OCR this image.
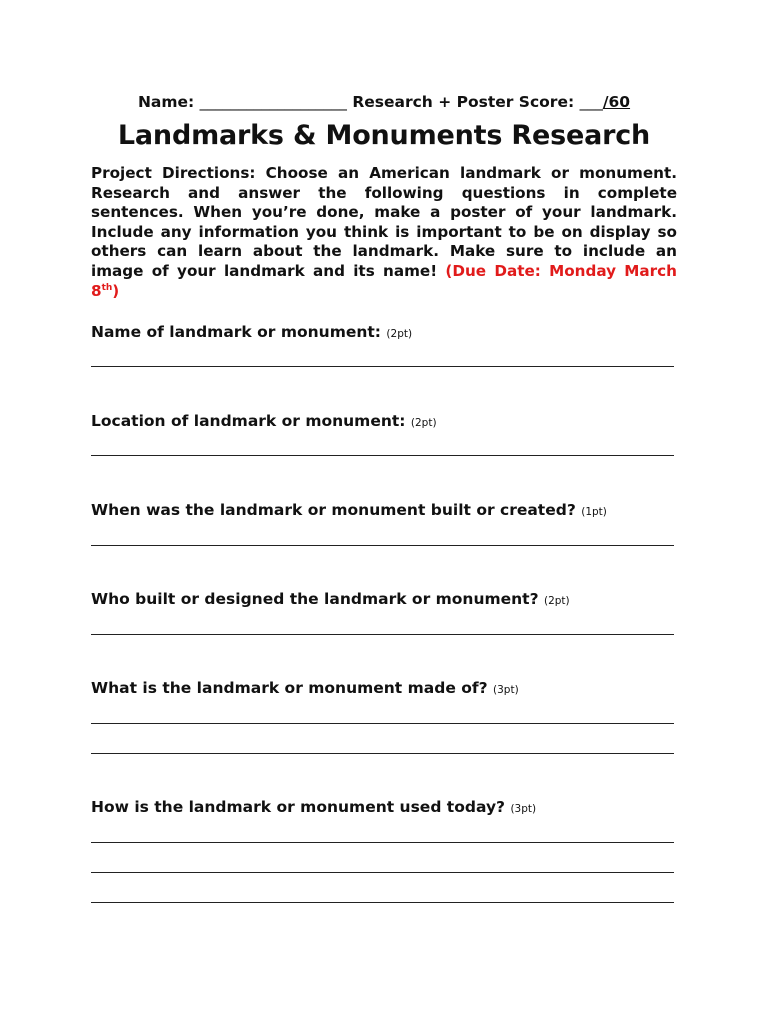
Name: ___________________ Research + Poster Score: ___/60
Landmarks & Monuments Research
Project Directions: Choose an American landmark or monument. Research and answer the following questions in complete sentences. When you’re done, make a poster of your landmark. Include any information you think is important to be on display so others can learn about the landmark. Make sure to include an image of your landmark and its name! (Due Date: Monday March 8th)
Name of landmark or monument: (2pt)
Location of landmark or monument: (2pt)
When was the landmark or monument built or created? (1pt)
Who built or designed the landmark or monument? (2pt)
What is the landmark or monument made of? (3pt)
How is the landmark or monument used today? (3pt)
